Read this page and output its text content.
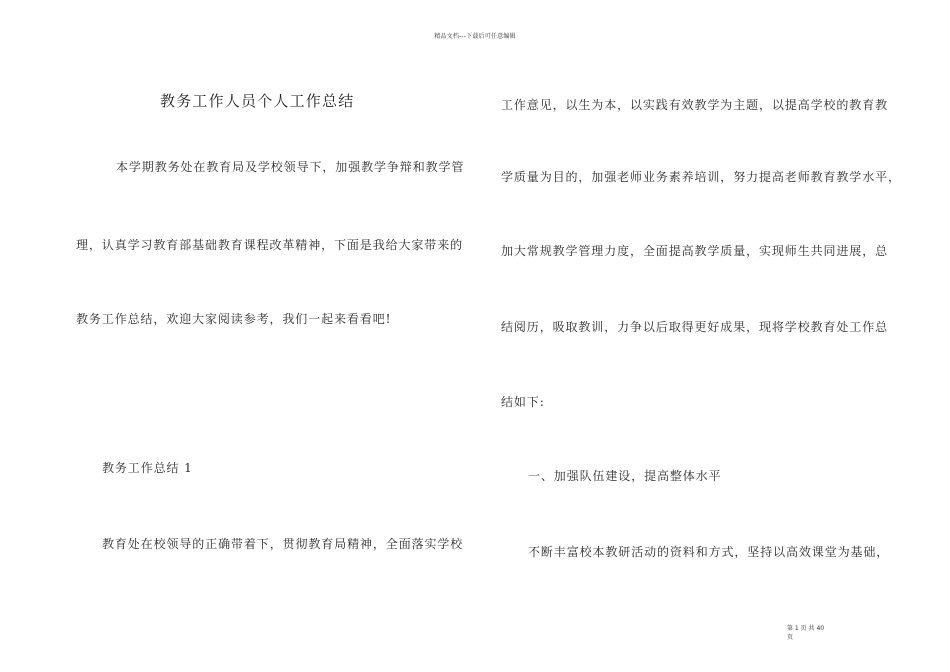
精品文档---下载后可任意编辑
教务工作人员个人工作总结
本学期教务处在教育局及学校领导下，加强教学争辩和教学管
理，认真学习教育部基础教育课程改革精神，下面是我给大家带来的
教务工作总结，欢迎大家阅读参考，我们一起来看看吧!
教务工作总结 1
教育处在校领导的正确带着下，贯彻教育局精神，全面落实学校
工作意见，以生为本，以实践有效教学为主题，以提高学校的教育教
学质量为目的，加强老师业务素养培训，努力提高老师教育教学水平，
加大常规教学管理力度，全面提高教学质量，实现师生共同进展，总
结阅历，吸取教训，力争以后取得更好成果，现将学校教育处工作总
结如下:
一、加强队伍建设，提高整体水平
不断丰富校本教研活动的资料和方式，坚持以高效课堂为基础，
第 1 页 共 40 页
